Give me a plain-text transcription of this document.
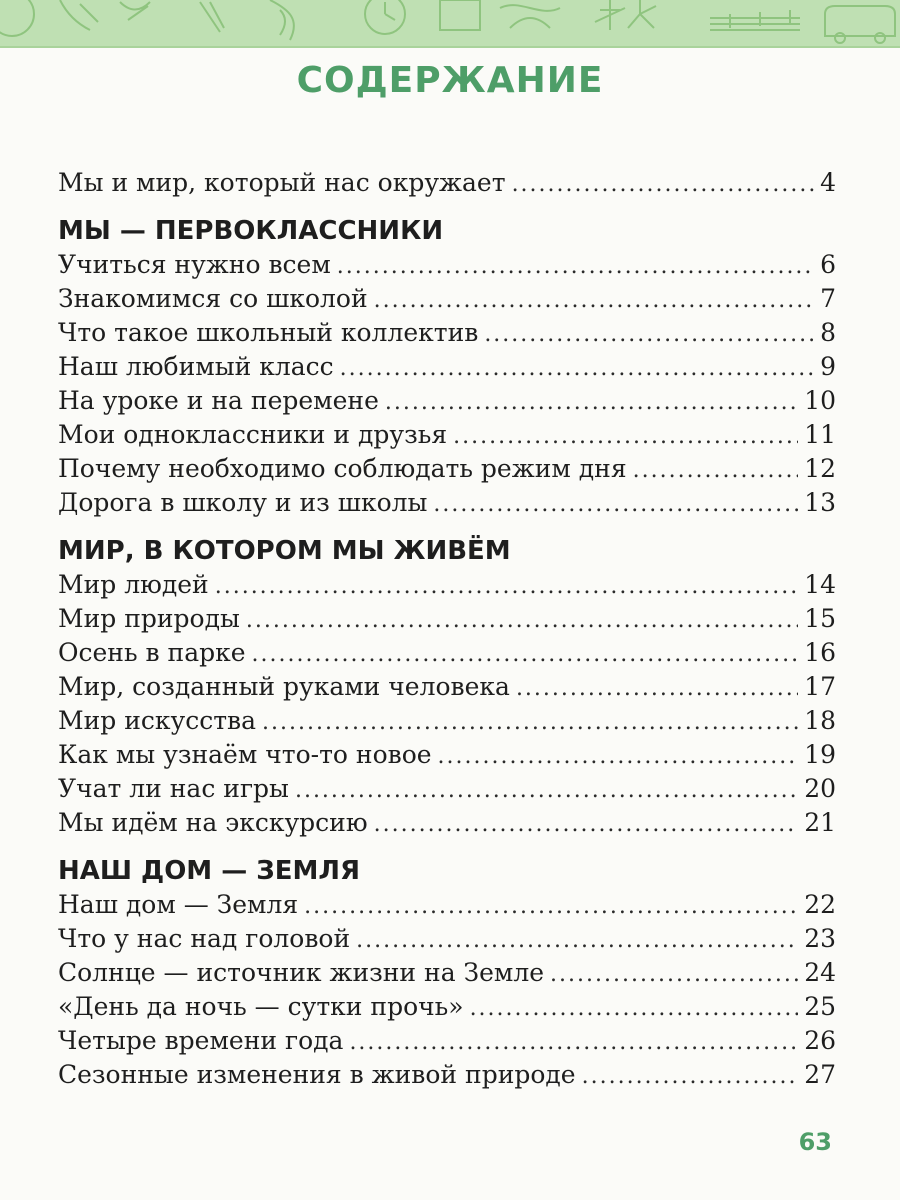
СОДЕРЖАНИЕ
Мы и мир, который нас окружает .....	4
МЫ — ПЕРВОКЛАССНИКИ
Учиться нужно всем .....	6
Знакомимся со школой .....	7
Что такое школьный коллектив .....	8
Наш любимый класс .....	9
На уроке и на перемене .....	10
Мои одноклассники и друзья .....	11
Почему необходимо соблюдать режим дня .....	12
Дорога в школу и из школы .....	13
МИР, В КОТОРОМ МЫ ЖИВЁМ
Мир людей .....	14
Мир природы .....	15
Осень в парке .....	16
Мир, созданный руками человека .....	17
Мир искусства .....	18
Как мы узнаём что-то новое .....	19
Учат ли нас игры .....	20
Мы идём на экскурсию .....	21
НАШ ДОМ — ЗЕМЛЯ
Наш дом — Земля .....	22
Что у нас над головой .....	23
Солнце — источник жизни на Земле .....	24
«День да ночь — сутки прочь» .....	25
Четыре времени года .....	26
Сезонные изменения в живой природе .....	27
63
